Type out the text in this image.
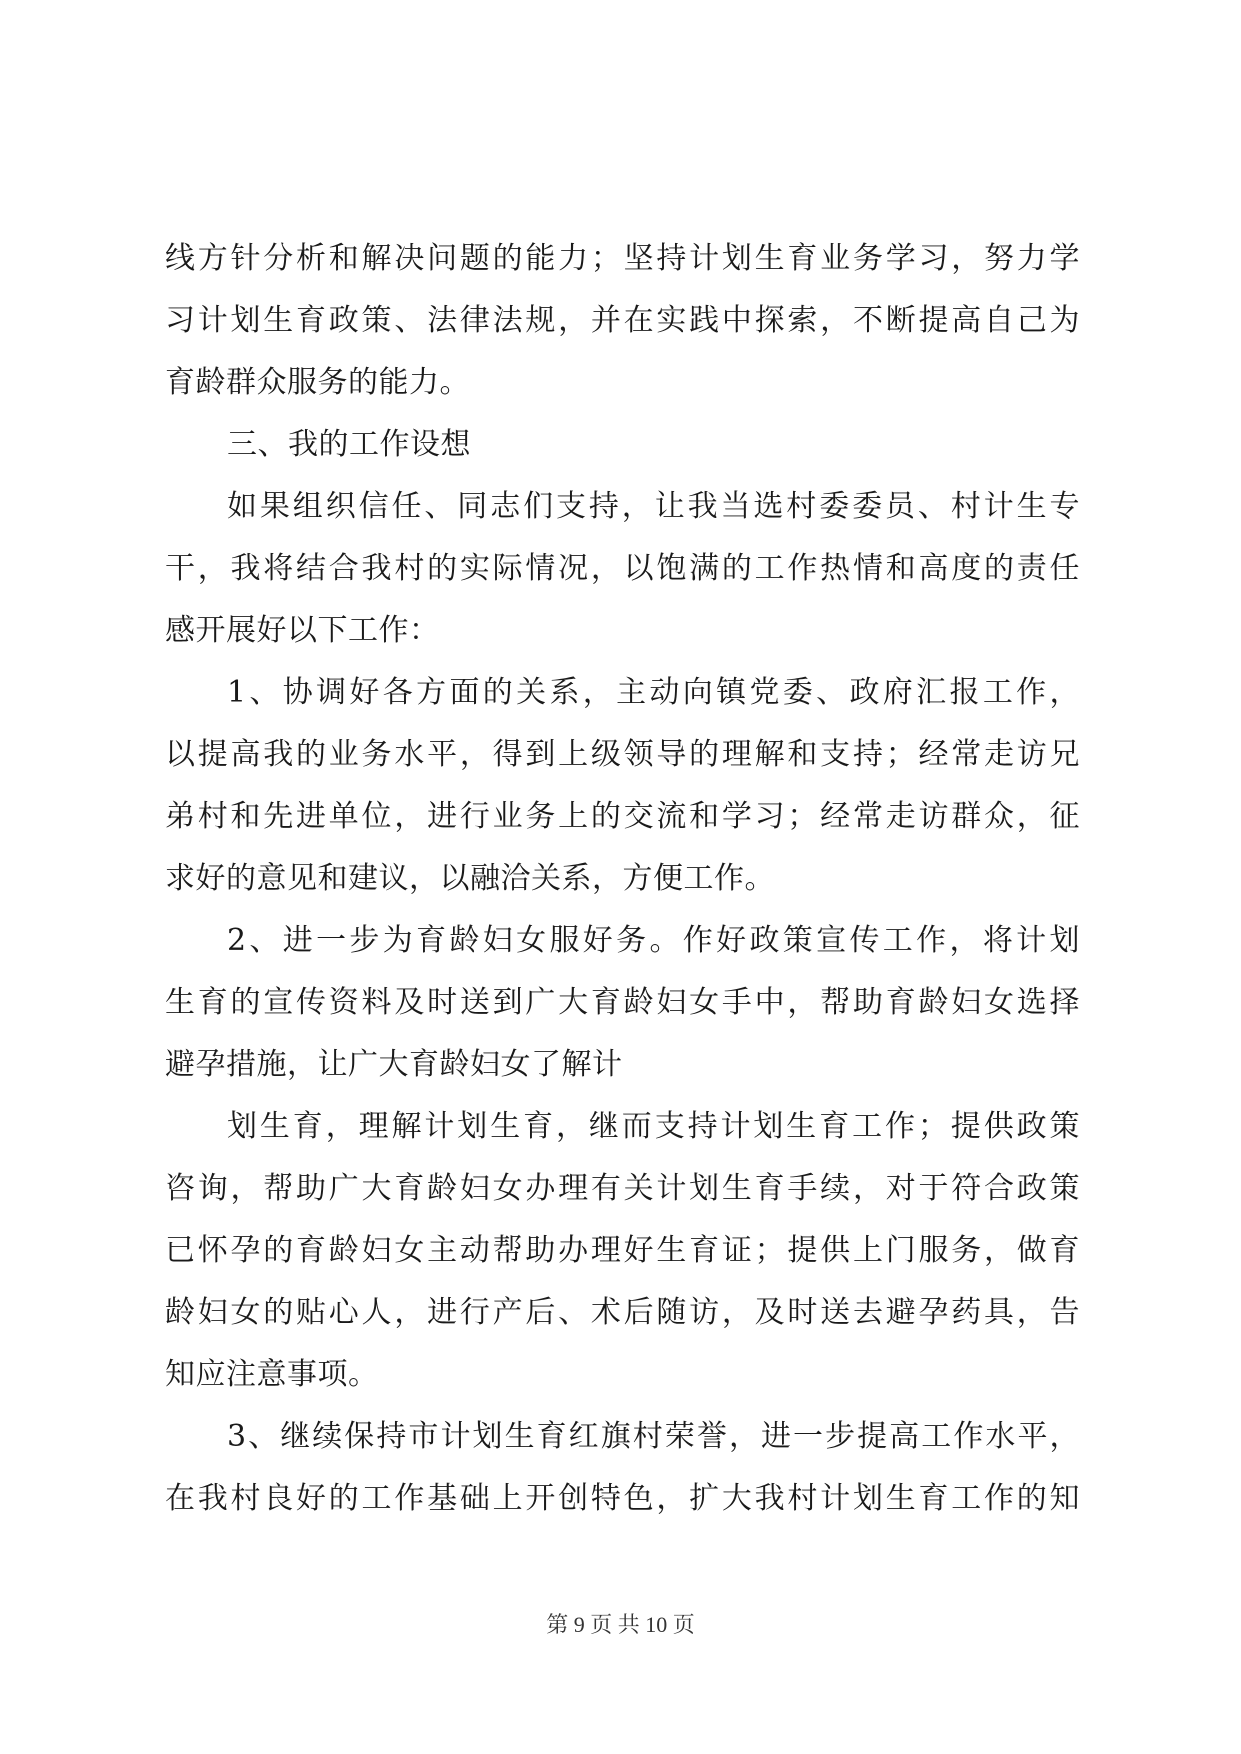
线方针分析和解决问题的能力；坚持计划生育业务学习，努力学
习计划生育政策、法律法规，并在实践中探索，不断提高自己为
育龄群众服务的能力。
三、我的工作设想
如果组织信任、同志们支持，让我当选村委委员、村计生专
干，我将结合我村的实际情况，以饱满的工作热情和高度的责任
感开展好以下工作：
1、协调好各方面的关系，主动向镇党委、政府汇报工作，
以提高我的业务水平，得到上级领导的理解和支持；经常走访兄
弟村和先进单位，进行业务上的交流和学习；经常走访群众，征
求好的意见和建议，以融洽关系，方便工作。
2、进一步为育龄妇女服好务。作好政策宣传工作，将计划
生育的宣传资料及时送到广大育龄妇女手中，帮助育龄妇女选择
避孕措施，让广大育龄妇女了解计
划生育，理解计划生育，继而支持计划生育工作；提供政策
咨询，帮助广大育龄妇女办理有关计划生育手续，对于符合政策
已怀孕的育龄妇女主动帮助办理好生育证；提供上门服务，做育
龄妇女的贴心人，进行产后、术后随访，及时送去避孕药具，告
知应注意事项。
3、继续保持市计划生育红旗村荣誉，进一步提高工作水平，
在我村良好的工作基础上开创特色，扩大我村计划生育工作的知
第 9 页 共 10 页
